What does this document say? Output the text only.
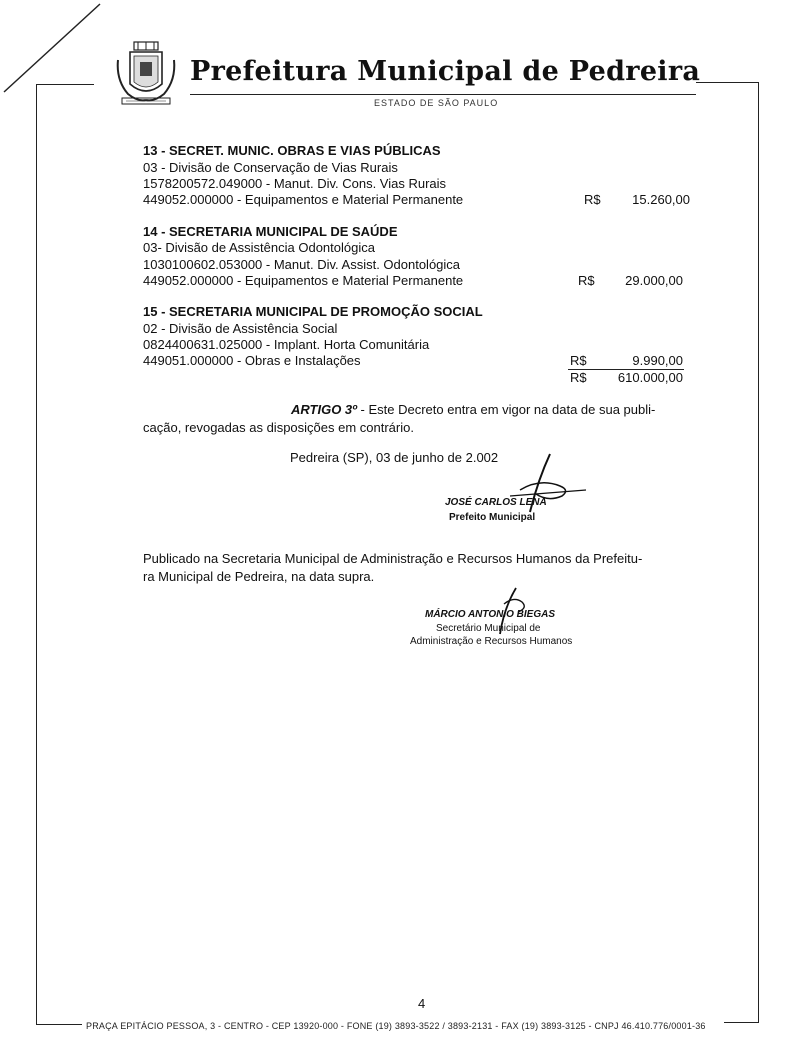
Prefeitura Municipal de Pedreira
ESTADO DE SÃO PAULO
13 - SECRET. MUNIC. OBRAS E VIAS PÚBLICAS
03 - Divisão de Conservação de Vias Rurais
1578200572.049000 - Manut. Div. Cons. Vias Rurais
449052.000000 - Equipamentos e Material Permanente	R$	15.260,00
14 - SECRETARIA MUNICIPAL DE SAÚDE
03- Divisão de Assistência Odontológica
1030100602.053000 - Manut. Div. Assist. Odontológica
449052.000000 - Equipamentos e Material Permanente	R$	29.000,00
15 - SECRETARIA MUNICIPAL DE PROMOÇÃO SOCIAL
02 - Divisão de Assistência Social
0824400631.025000 - Implant. Horta Comunitária
449051.000000 - Obras e Instalações	R$	9.990,00
R$	610.000,00
ARTIGO 3º - Este Decreto entra em vigor na data de sua publi-
cação, revogadas as disposições em contrário.
Pedreira (SP), 03 de junho de 2.002
JOSÉ CARLOS LENA
Prefeito Municipal
Publicado na Secretaria Municipal de Administração e Recursos Humanos da Prefeitu-
ra Municipal de Pedreira, na data supra.
MÁRCIO ANTONIO BIEGAS
Secretário Municipal de
Administração e Recursos Humanos
4
PRAÇA EPITÁCIO PESSOA, 3 - CENTRO - CEP 13920-000 - FONE (19) 3893-3522 / 3893-2131 - FAX (19) 3893-3125 - CNPJ 46.410.776/0001-36
